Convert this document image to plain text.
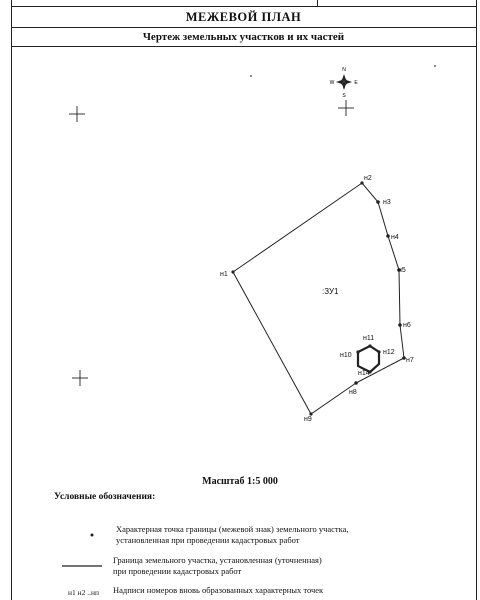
МЕЖЕВОЙ ПЛАН
Чертеж земельных участков и их частей
N
S
W	E
н1
н2
н3
н4
н5
н6
н7
н8
н9
н10
н11
н12
н14
:ЗУ1
Масштаб 1:5 000
Условные обозначения:
Характерная точка границы (межевой знак) земельного участка,
установленная при проведении кадастровых работ
Граница земельного участка, установленная (уточненная)
при проведении кадастровых работ
н1 н2 ..нп Надписи номеров вновь образованных характерных точек
